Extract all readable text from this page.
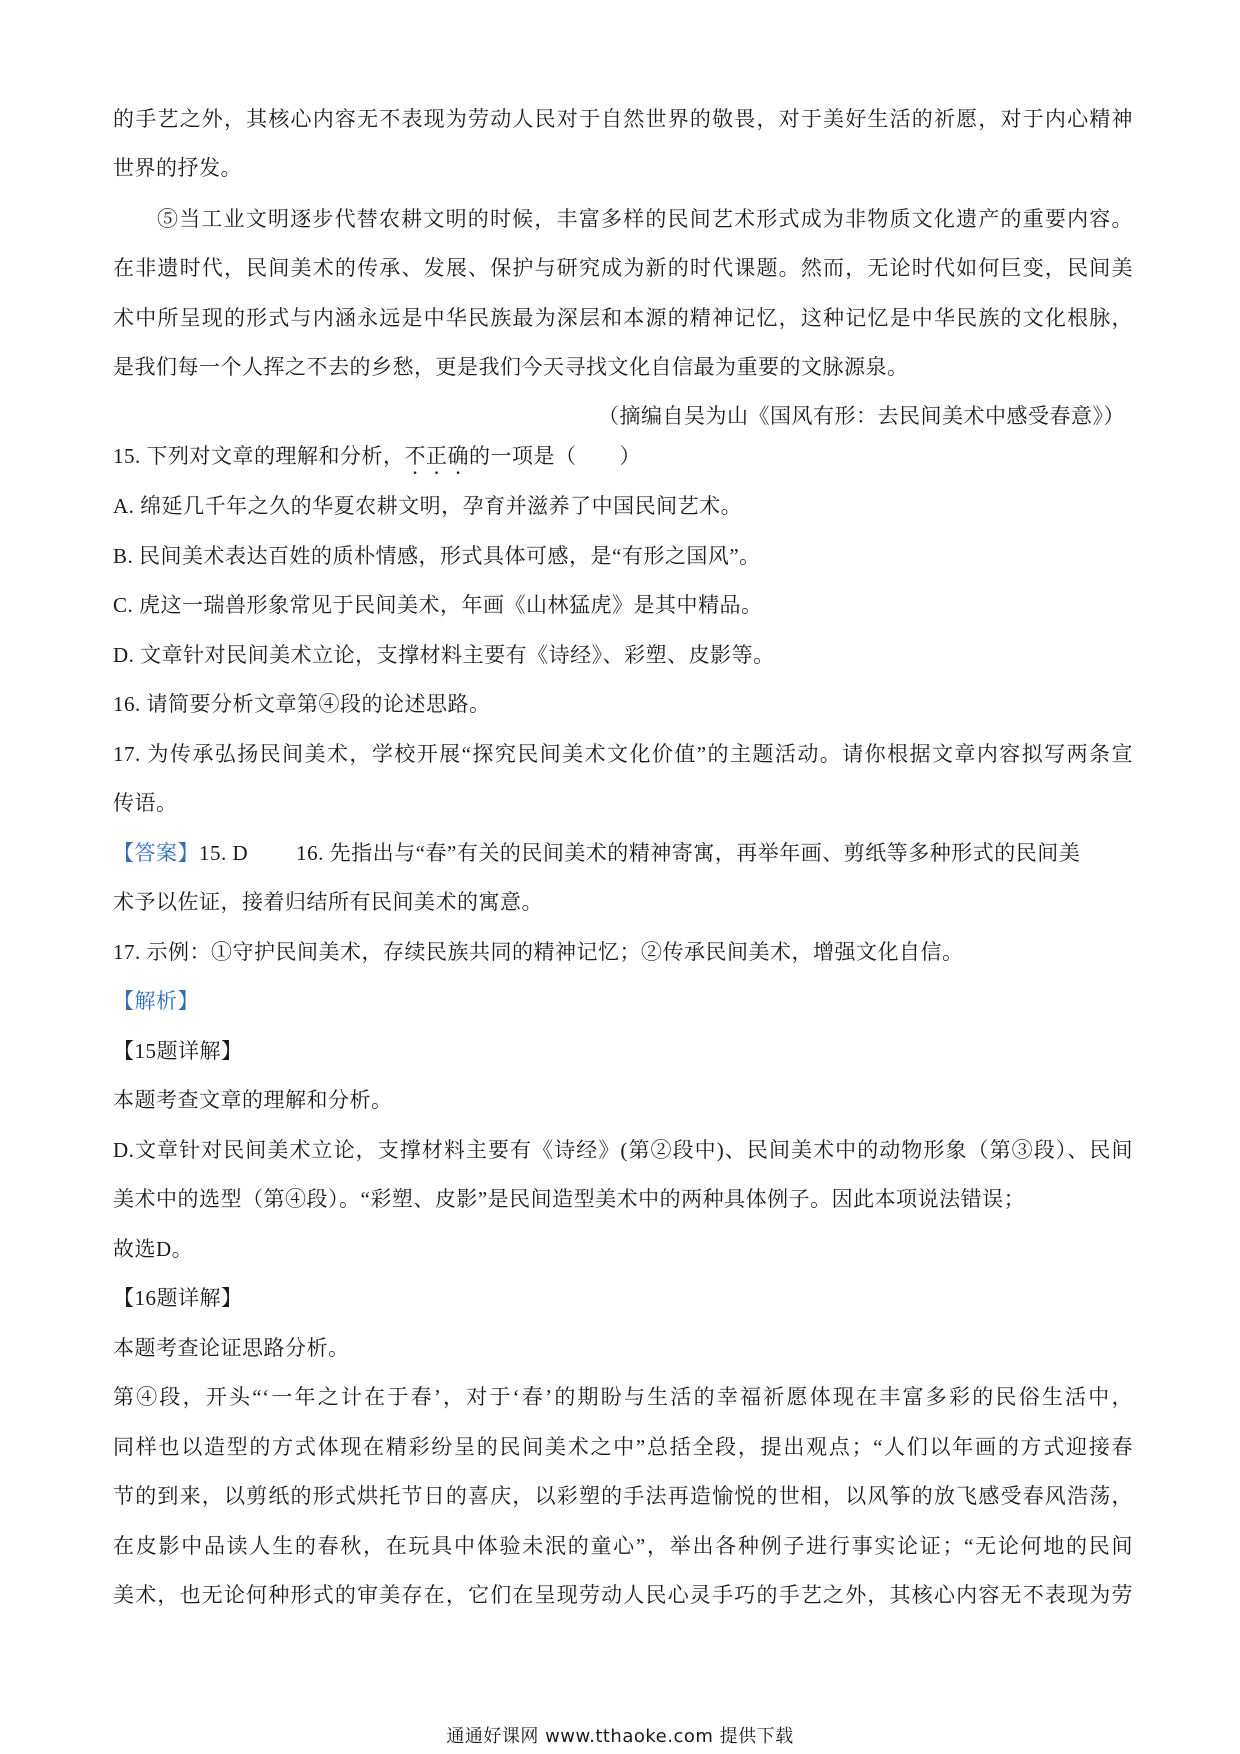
的手艺之外，其核心内容无不表现为劳动人民对于自然世界的敬畏，对于美好生活的祈愿，对于内心精神
世界的抒发。
⑤当工业文明逐步代替农耕文明的时候，丰富多样的民间艺术形式成为非物质文化遗产的重要内容。
在非遗时代，民间美术的传承、发展、保护与研究成为新的时代课题。然而，无论时代如何巨变，民间美
术中所呈现的形式与内涵永远是中华民族最为深层和本源的精神记忆，这种记忆是中华民族的文化根脉，
是我们每一个人挥之不去的乡愁，更是我们今天寻找文化自信最为重要的文脉源泉。
（摘编自吴为山《国风有形：去民间美术中感受春意》）
15. 下列对文章的理解和分析，不正确的一项是（　　）
A. 绵延几千年之久的华夏农耕文明，孕育并滋养了中国民间艺术。
B. 民间美术表达百姓的质朴情感，形式具体可感，是“有形之国风”。
C. 虎这一瑞兽形象常见于民间美术，年画《山林猛虎》是其中精品。
D. 文章针对民间美术立论，支撑材料主要有《诗经》、彩塑、皮影等。
16. 请简要分析文章第④段的论述思路。
17. 为传承弘扬民间美术，学校开展“探究民间美术文化价值”的主题活动。请你根据文章内容拟写两条宣
传语。
【答案】15. D 16. 先指出与“春”有关的民间美术的精神寄寓，再举年画、剪纸等多种形式的民间美
术予以佐证，接着归结所有民间美术的寓意。
17. 示例：①守护民间美术，存续民族共同的精神记忆；②传承民间美术，增强文化自信。
【解析】
【15题详解】
本题考查文章的理解和分析。
D.文章针对民间美术立论，支撑材料主要有《诗经》(第②段中)、民间美术中的动物形象（第③段）、民间
美术中的选型（第④段）。“彩塑、皮影”是民间造型美术中的两种具体例子。因此本项说法错误；
故选D。
【16题详解】
本题考查论证思路分析。
第④段，开头“‘一年之计在于春’，对于‘春’的期盼与生活的幸福祈愿体现在丰富多彩的民俗生活中，
同样也以造型的方式体现在精彩纷呈的民间美术之中”总括全段，提出观点；“人们以年画的方式迎接春
节的到来，以剪纸的形式烘托节日的喜庆，以彩塑的手法再造愉悦的世相，以风筝的放飞感受春风浩荡，
在皮影中品读人生的春秋，在玩具中体验未泯的童心”，举出各种例子进行事实论证；“无论何地的民间
美术，也无论何种形式的审美存在，它们在呈现劳动人民心灵手巧的手艺之外，其核心内容无不表现为劳
通通好课网 www.tthaoke.com 提供下载
